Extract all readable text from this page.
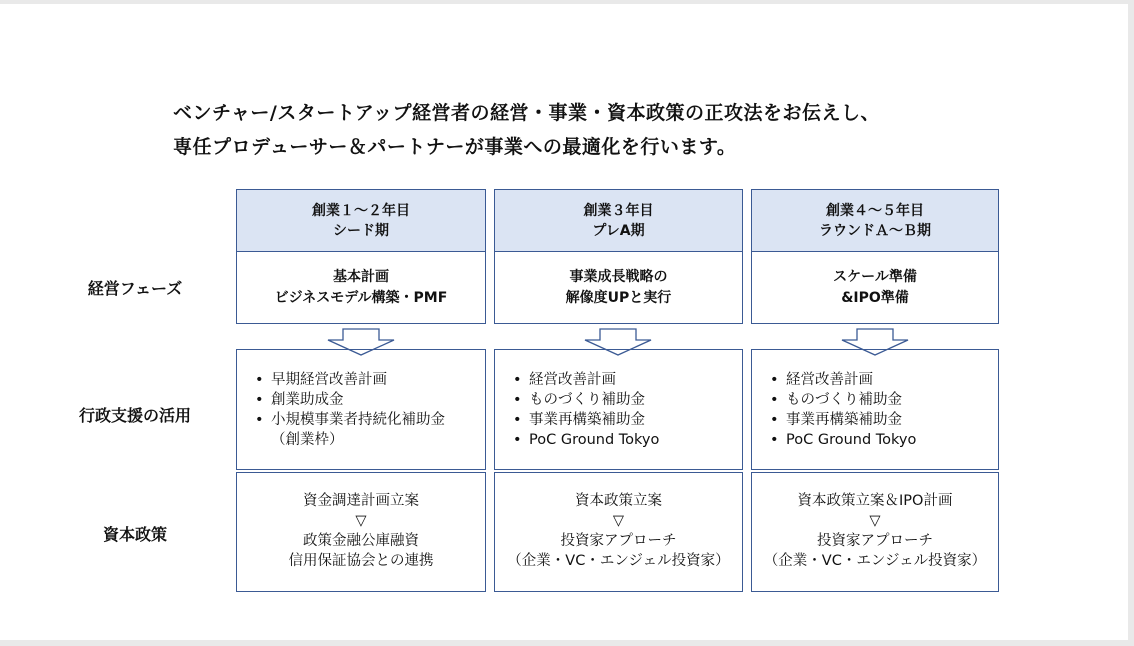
ベンチャー/スタートアップ経営者の経営・事業・資本政策の正攻法をお伝えし、
専任プロデューサー＆パートナーが事業への最適化を行います。
経営フェーズ
行政支援の活用
資本政策
創業１～２年目
シード期
基本計画
ビジネスモデル構築・PMF
• 早期経営改善計画
• 創業助成金
• 小規模事業者持続化補助金
（創業枠）
資金調達計画立案
▽
政策金融公庫融資
信用保証協会との連携
創業３年目
プレA期
事業成長戦略の
解像度UPと実行
• 経営改善計画
• ものづくり補助金
• 事業再構築補助金
• PoC Ground Tokyo
資本政策立案
▽
投資家アプローチ
（企業・VC・エンジェル投資家）
創業４～５年目
ラウンドＡ～Ｂ期
スケール準備
&IPO準備
• 経営改善計画
• ものづくり補助金
• 事業再構築補助金
• PoC Ground Tokyo
資本政策立案＆IPO計画
▽
投資家アプローチ
（企業・VC・エンジェル投資家）
